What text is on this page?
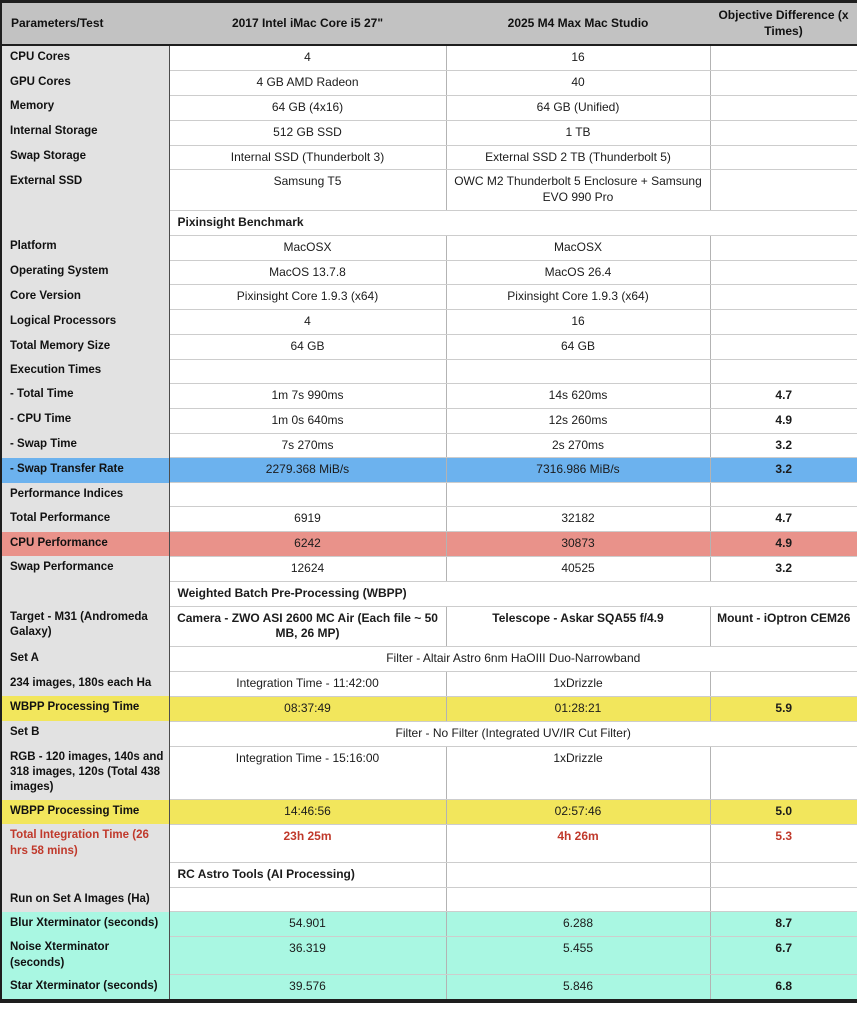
Parameters/Test	2017 Intel iMac Core i5 27"	2025 M4 Max Mac Studio	Objective Difference (x Times)
CPU Cores	4	16	
GPU Cores	4 GB AMD Radeon	40	
Memory	64 GB (4x16)	64 GB (Unified)	
Internal Storage	512 GB SSD	1 TB	
Swap Storage	Internal SSD (Thunderbolt 3)	External SSD 2 TB (Thunderbolt 5)	
External SSD	Samsung T5	OWC M2 Thunderbolt 5 Enclosure + Samsung EVO 990 Pro	
	Pixinsight Benchmark		
Platform	MacOSX	MacOSX	
Operating System	MacOS 13.7.8	MacOS 26.4	
Core Version	Pixinsight Core 1.9.3 (x64)	Pixinsight Core 1.9.3 (x64)	
Logical Processors	4	16	
Total Memory Size	64 GB	64 GB	
Execution Times			
- Total Time	1m 7s 990ms	14s 620ms	4.7
- CPU Time	1m 0s 640ms	12s 260ms	4.9
- Swap Time	7s 270ms	2s 270ms	3.2
- Swap Transfer Rate	2279.368 MiB/s	7316.986 MiB/s	3.2
Performance Indices			
Total Performance	6919	32182	4.7
CPU Performance	6242	30873	4.9
Swap Performance	12624	40525	3.2
	Weighted Batch Pre-Processing (WBPP)		
Target - M31 (Andromeda Galaxy)	Camera - ZWO ASI 2600 MC Air (Each file ~ 50 MB, 26 MP)	Telescope - Askar SQA55 f/4.9	Mount - iOptron CEM26
Set A	Filter - Altair Astro 6nm HaOIII Duo-Narrowband		
234 images, 180s each Ha	Integration Time - 11:42:00	1xDrizzle	
WBPP Processing Time	08:37:49	01:28:21	5.9
Set B	Filter - No Filter (Integrated UV/IR Cut Filter)		
RGB - 120 images, 140s and 318 images, 120s (Total 438 images)	Integration Time - 15:16:00	1xDrizzle	
WBPP Processing Time	14:46:56	02:57:46	5.0
Total Integration Time (26 hrs 58 mins)	23h 25m	4h 26m	5.3
	RC Astro Tools (AI Processing)		
Run on Set A Images (Ha)			
Blur Xterminator (seconds)	54.901	6.288	8.7
Noise Xterminator (seconds)	36.319	5.455	6.7
Star Xterminator (seconds)	39.576	5.846	6.8
